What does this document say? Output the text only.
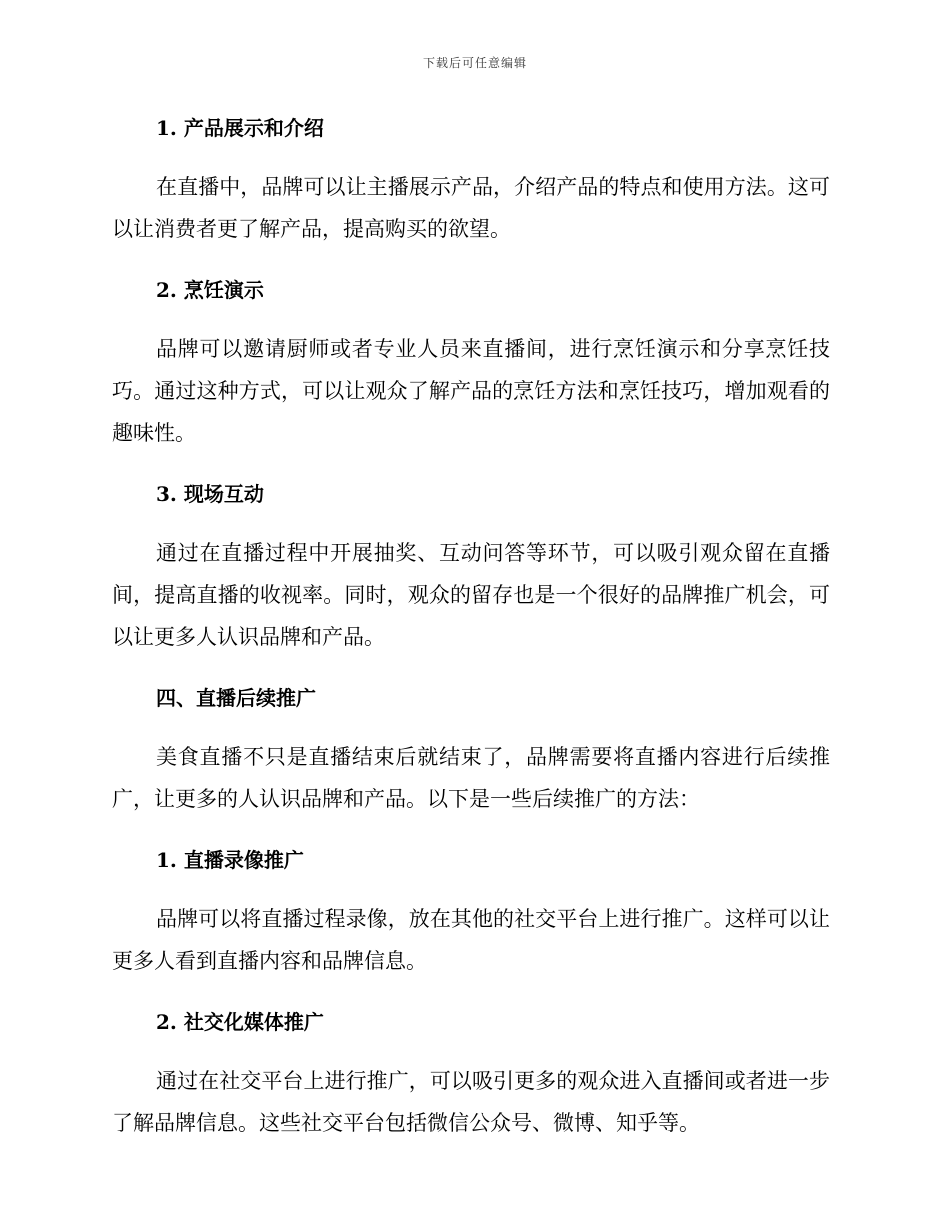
下载后可任意编辑
1. 产品展示和介绍

在直播中，品牌可以让主播展示产品，介绍产品的特点和使用方法。这可以让消费者更了解产品，提高购买的欲望。

2. 烹饪演示

品牌可以邀请厨师或者专业人员来直播间，进行烹饪演示和分享烹饪技巧。通过这种方式，可以让观众了解产品的烹饪方法和烹饪技巧，增加观看的趣味性。

3. 现场互动

通过在直播过程中开展抽奖、互动问答等环节，可以吸引观众留在直播间，提高直播的收视率。同时，观众的留存也是一个很好的品牌推广机会，可以让更多人认识品牌和产品。

四、直播后续推广

美食直播不只是直播结束后就结束了，品牌需要将直播内容进行后续推广，让更多的人认识品牌和产品。以下是一些后续推广的方法：

1. 直播录像推广

品牌可以将直播过程录像，放在其他的社交平台上进行推广。这样可以让更多人看到直播内容和品牌信息。

2. 社交化媒体推广

通过在社交平台上进行推广，可以吸引更多的观众进入直播间或者进一步了解品牌信息。这些社交平台包括微信公众号、微博、知乎等。
